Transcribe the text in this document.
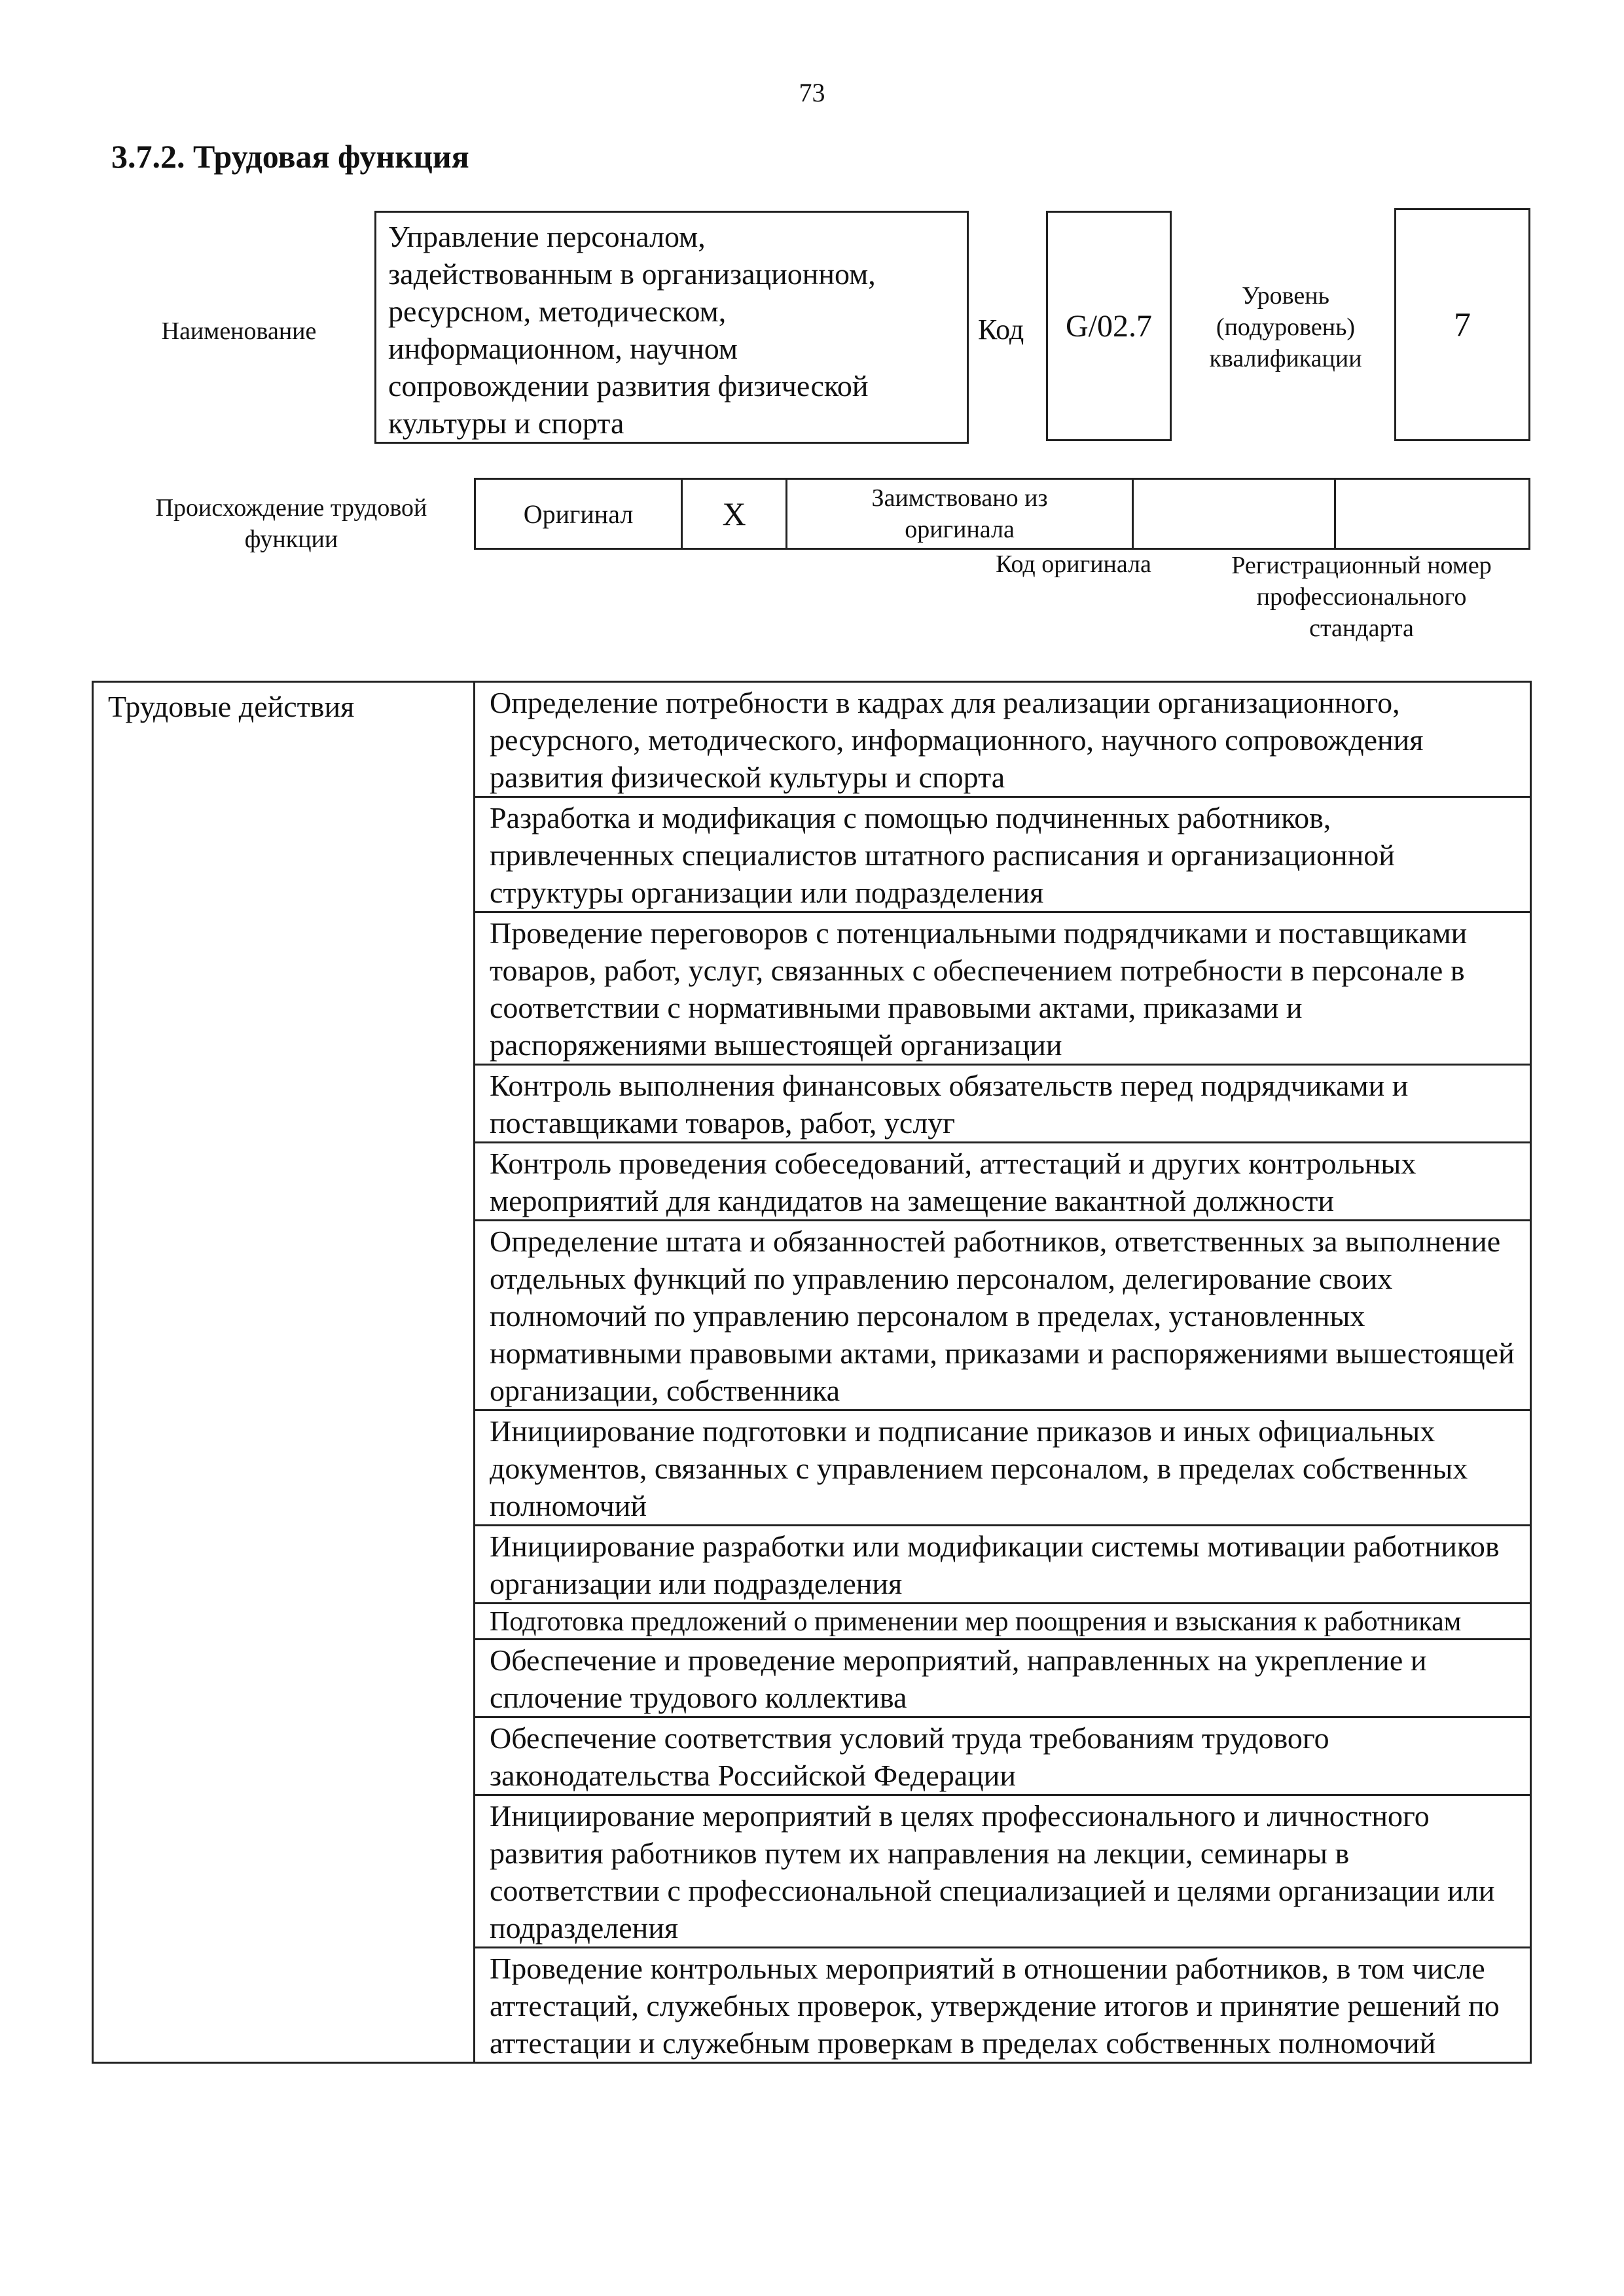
73
3.7.2. Трудовая функция
Наименование
Управление персоналом,
задействованным в организационном,
ресурсном, методическом,
информационном, научном
сопровождении развития физической
культуры и спорта
Код	G/02.7
Уровень
(подуровень)
квалификации
7
Происхождение трудовой
функции
Оригинал	X	Заимствовано из
оригинала
Код оригинала	Регистрационный номер
профессионального
стандарта
Трудовые действия	Определение потребности в кадрах для реализации организационного, ресурсного, методического, информационного, научного сопровождения развития физической культуры и спорта
Разработка и модификация с помощью подчиненных работников, привлеченных специалистов штатного расписания и организационной структуры организации или подразделения
Проведение переговоров с потенциальными подрядчиками и поставщиками товаров, работ, услуг, связанных с обеспечением потребности в персонале в соответствии с нормативными правовыми актами, приказами и распоряжениями вышестоящей организации
Контроль выполнения финансовых обязательств перед подрядчиками и поставщиками товаров, работ, услуг
Контроль проведения собеседований, аттестаций и других контрольных мероприятий для кандидатов на замещение вакантной должности
Определение штата и обязанностей работников, ответственных за выполнение отдельных функций по управлению персоналом, делегирование своих полномочий по управлению персоналом в пределах, установленных нормативными правовыми актами, приказами и распоряжениями вышестоящей организации, собственника
Инициирование подготовки и подписание приказов и иных официальных документов, связанных с управлением персоналом, в пределах собственных полномочий
Инициирование разработки или модификации системы мотивации работников организации или подразделения
Подготовка предложений о применении мер поощрения и взыскания к работникам
Обеспечение и проведение мероприятий, направленных на укрепление и сплочение трудового коллектива
Обеспечение соответствия условий труда требованиям трудового законодательства Российской Федерации
Инициирование мероприятий в целях профессионального и личностного развития работников путем их направления на лекции, семинары в соответствии с профессиональной специализацией и целями организации или подразделения
Проведение контрольных мероприятий в отношении работников, в том числе аттестаций, служебных проверок, утверждение итогов и принятие решений по аттестации и служебным проверкам в пределах собственных полномочий
